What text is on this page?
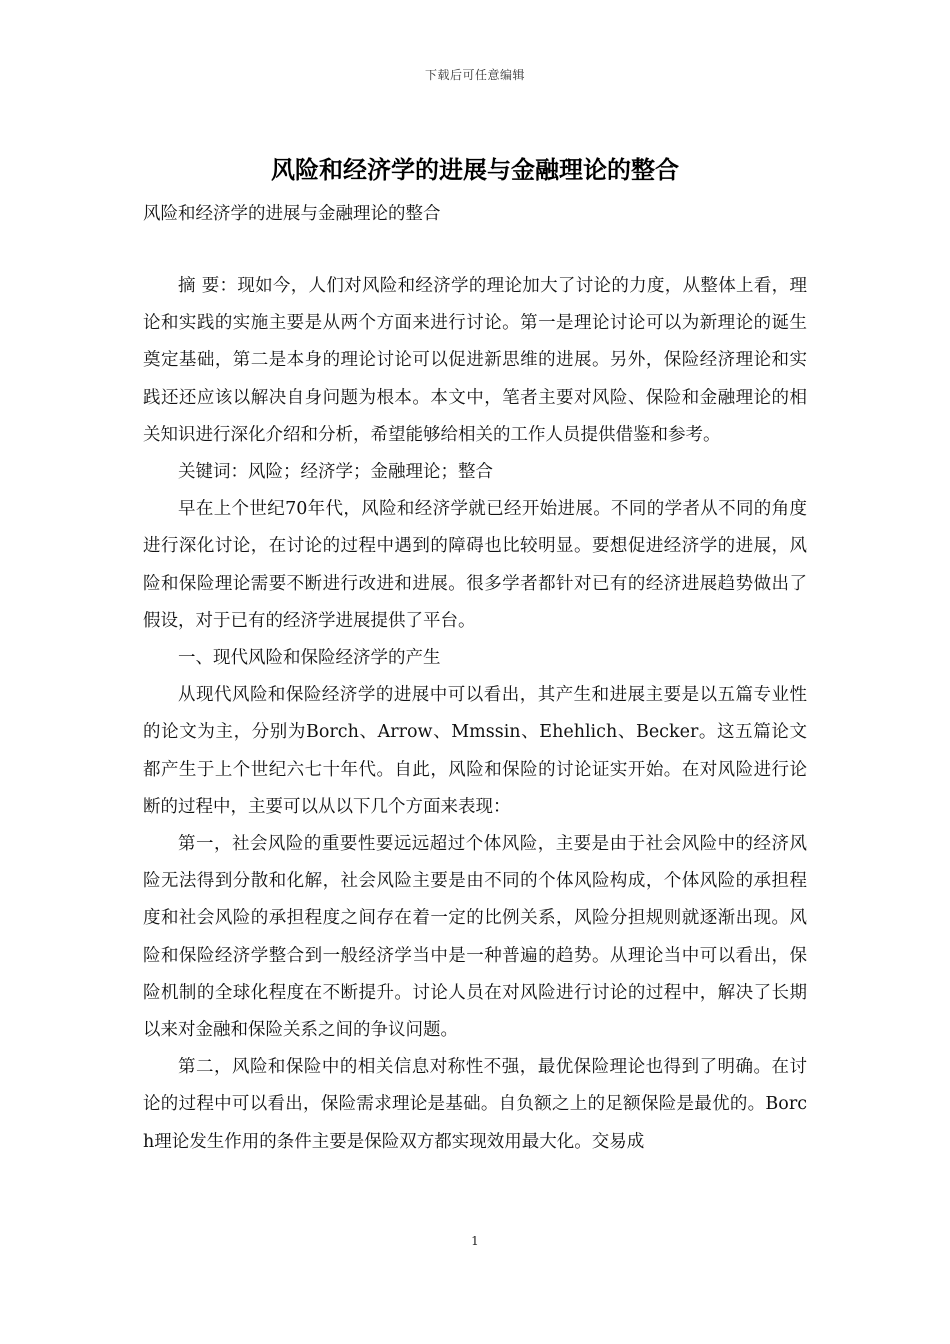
下载后可任意编辑
风险和经济学的进展与金融理论的整合
风险和经济学的进展与金融理论的整合

摘 要：现如今，人们对风险和经济学的理论加大了讨论的力度，从整体上看，理论和实践的实施主要是从两个方面来进行讨论。第一是理论讨论可以为新理论的诞生奠定基础，第二是本身的理论讨论可以促进新思维的进展。另外，保险经济理论和实践还还应该以解决自身问题为根本。本文中，笔者主要对风险、保险和金融理论的相关知识进行深化介绍和分析，希望能够给相关的工作人员提供借鉴和参考。

关键词：风险；经济学；金融理论；整合

早在上个世纪70年代，风险和经济学就已经开始进展。不同的学者从不同的角度进行深化讨论，在讨论的过程中遇到的障碍也比较明显。要想促进经济学的进展，风险和保险理论需要不断进行改进和进展。很多学者都针对已有的经济进展趋势做出了假设，对于已有的经济学进展提供了平台。

一、现代风险和保险经济学的产生

从现代风险和保险经济学的进展中可以看出，其产生和进展主要是以五篇专业性的论文为主，分别为Borch、Arrow、Mmssin、Ehehlich、Becker。这五篇论文都产生于上个世纪六七十年代。自此，风险和保险的讨论证实开始。在对风险进行论断的过程中，主要可以从以下几个方面来表现：

第一，社会风险的重要性要远远超过个体风险，主要是由于社会风险中的经济风险无法得到分散和化解，社会风险主要是由不同的个体风险构成，个体风险的承担程度和社会风险的承担程度之间存在着一定的比例关系，风险分担规则就逐渐出现。风险和保险经济学整合到一般经济学当中是一种普遍的趋势。从理论当中可以看出，保险机制的全球化程度在不断提升。讨论人员在对风险进行讨论的过程中，解决了长期以来对金融和保险关系之间的争议问题。

第二，风险和保险中的相关信息对称性不强，最优保险理论也得到了明确。在讨论的过程中可以看出，保险需求理论是基础。自负额之上的足额保险是最优的。Borch理论发生作用的条件主要是保险双方都实现效用最大化。交易成

1
